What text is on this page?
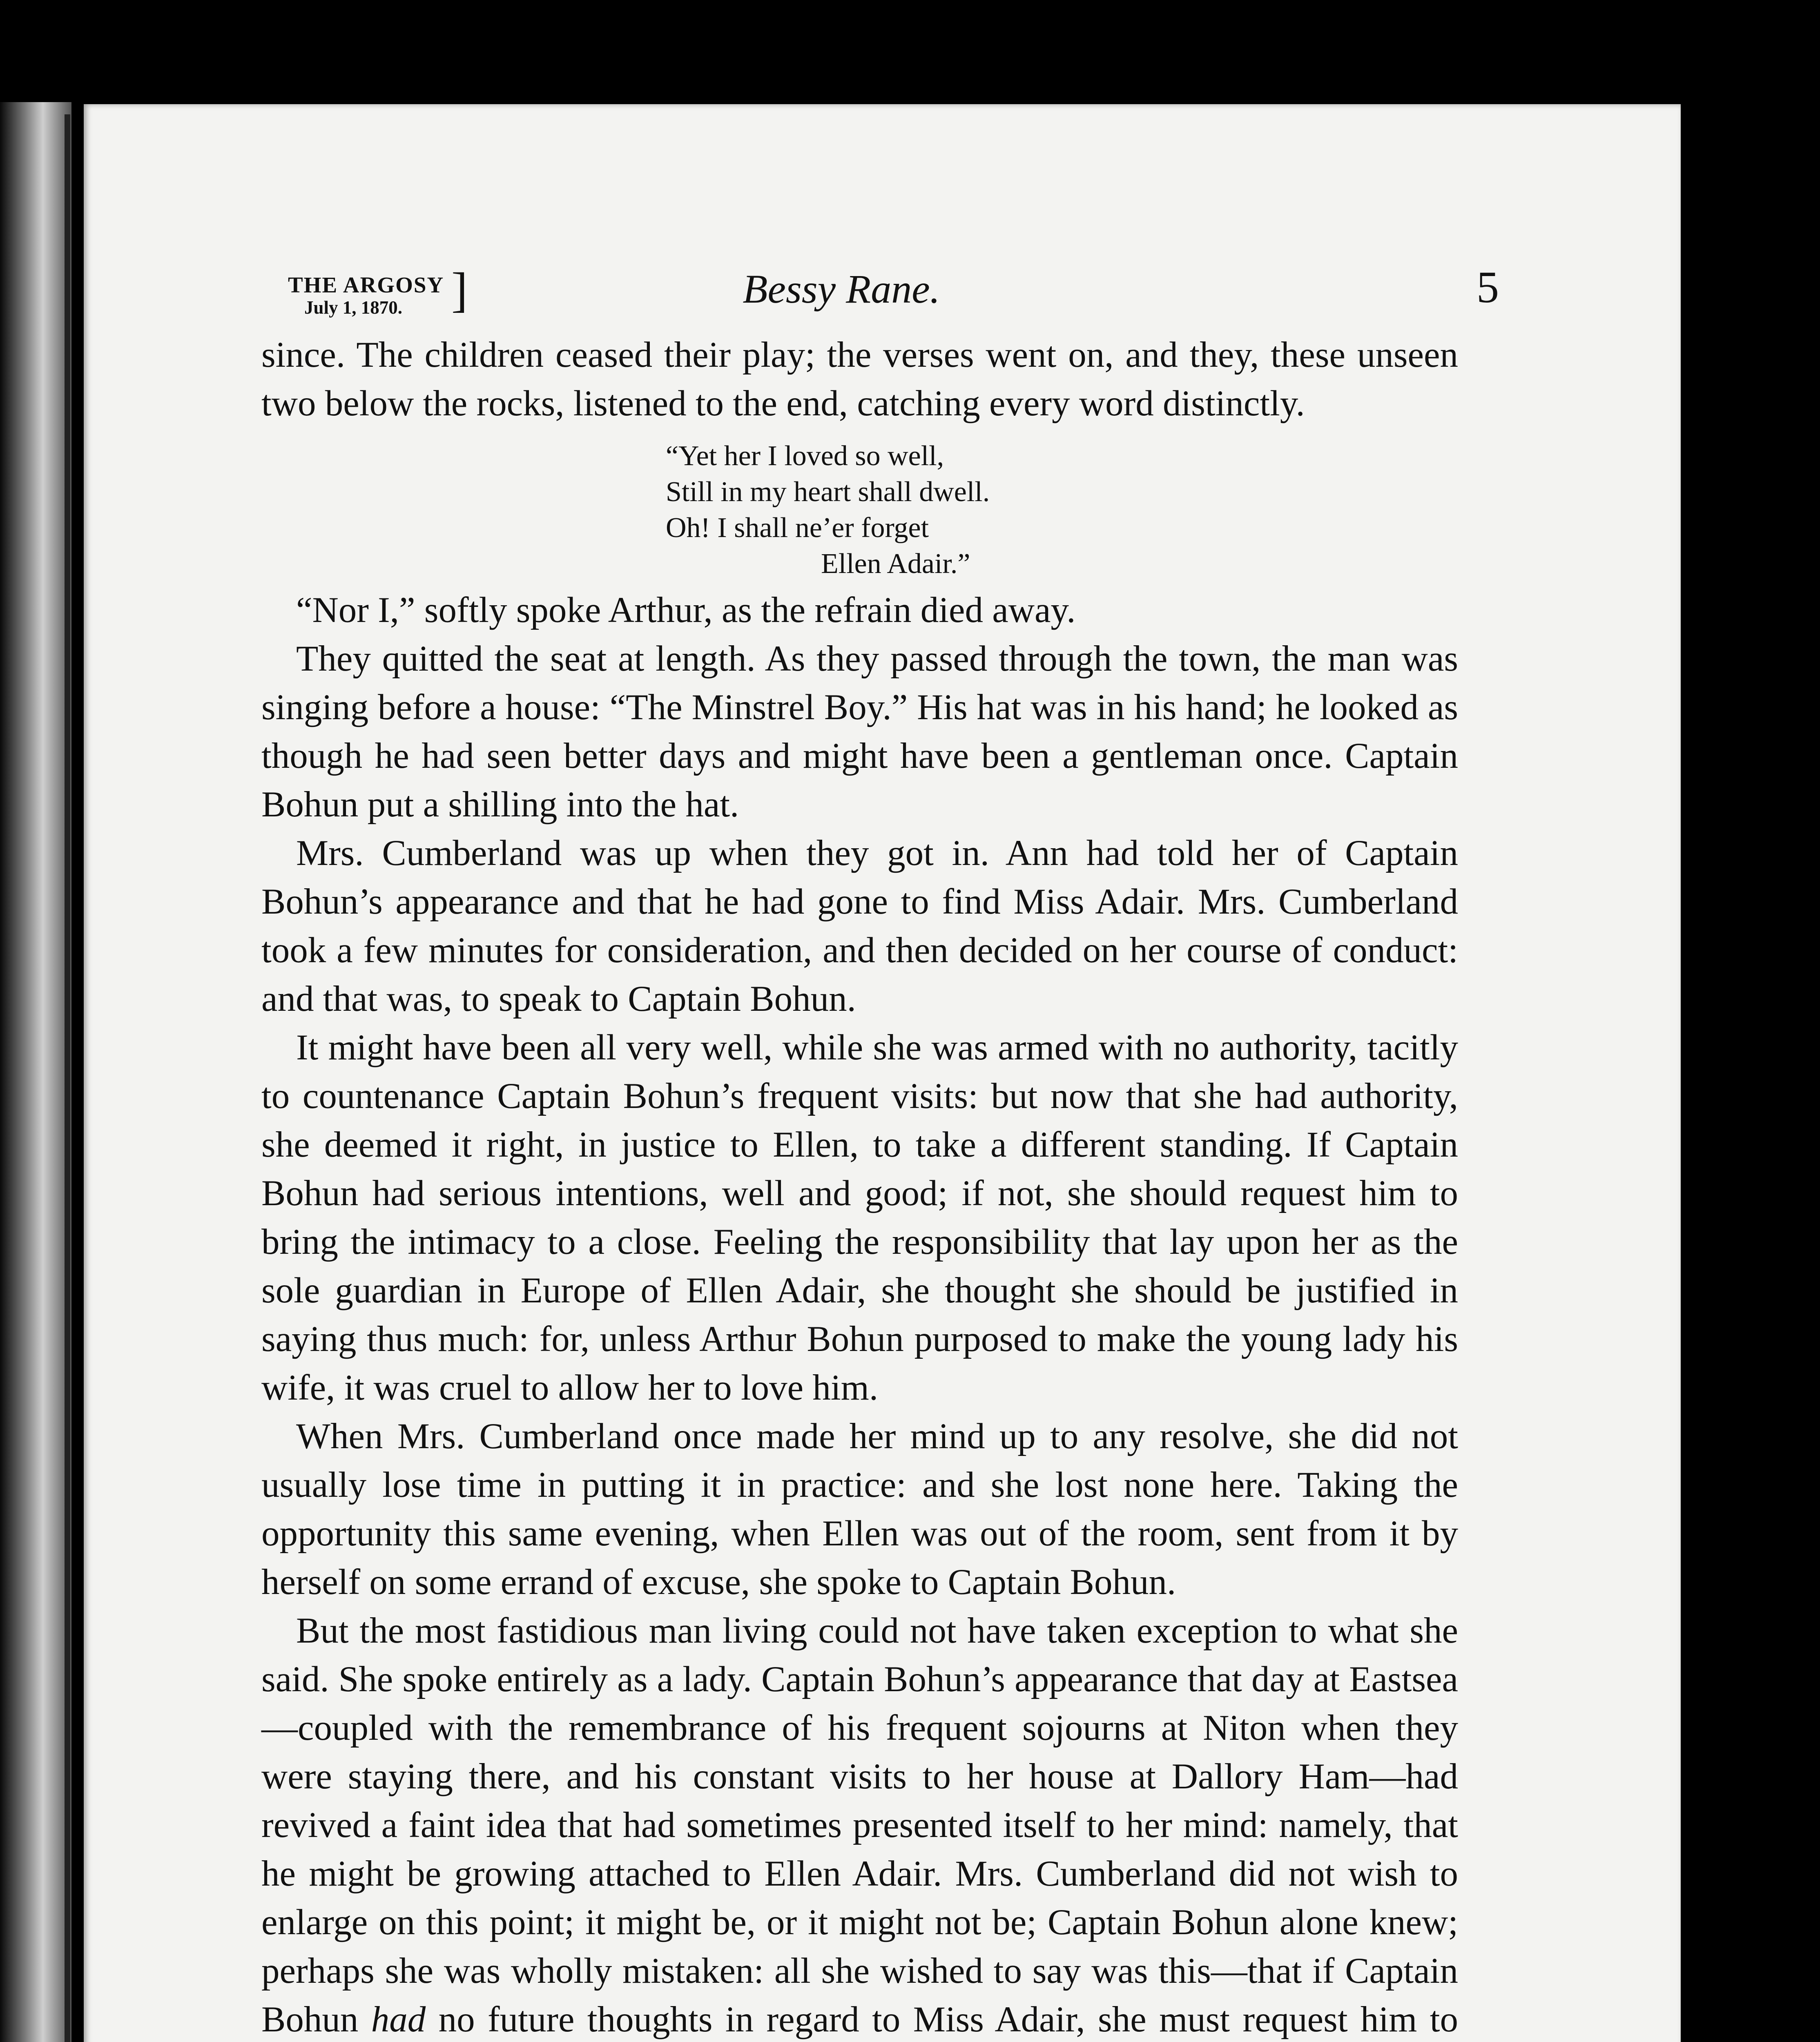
THE ARGOSY
July 1, 1870. ]	Bessy Rane.	5

since. The children ceased their play; the verses went on, and they, these unseen two below the rocks, listened to the end, catching every word distinctly.

“Yet her I loved so well,
Still in my heart shall dwell.
Oh! I shall ne’er forget
Ellen Adair.”

“Nor I,” softly spoke Arthur, as the refrain died away.

They quitted the seat at length. As they passed through the town, the man was singing before a house: “The Minstrel Boy.” His hat was in his hand; he looked as though he had seen better days and might have been a gentleman once. Captain Bohun put a shilling into the hat.

Mrs. Cumberland was up when they got in. Ann had told her of Captain Bohun’s appearance and that he had gone to find Miss Adair. Mrs. Cumberland took a few minutes for consideration, and then decided on her course of conduct: and that was, to speak to Captain Bohun.

It might have been all very well, while she was armed with no authority, tacitly to countenance Captain Bohun’s frequent visits: but now that she had authority, she deemed it right, in justice to Ellen, to take a different standing. If Captain Bohun had serious intentions, well and good; if not, she should request him to bring the intimacy to a close. Feeling the responsibility that lay upon her as the sole guardian in Europe of Ellen Adair, she thought she should be justified in saying thus much: for, unless Arthur Bohun purposed to make the young lady his wife, it was cruel to allow her to love him.

When Mrs. Cumberland once made her mind up to any resolve, she did not usually lose time in putting it in practice: and she lost none here. Taking the opportunity this same evening, when Ellen was out of the room, sent from it by herself on some errand of excuse, she spoke to Captain Bohun.

But the most fastidious man living could not have taken exception to what she said. She spoke entirely as a lady. Captain Bohun’s appearance that day at Eastsea—coupled with the remembrance of his frequent sojourns at Niton when they were staying there, and his constant visits to her house at Dallory Ham—had revived a faint idea that had sometimes presented itself to her mind: namely, that he might be growing attached to Ellen Adair. Mrs. Cumberland did not wish to enlarge on this point; it might be, or it might not be; Captain Bohun alone knew; perhaps she was wholly mistaken: all she wished to say was this—that if Captain Bohun had no future thoughts in regard to Miss Adair, she must request him to
